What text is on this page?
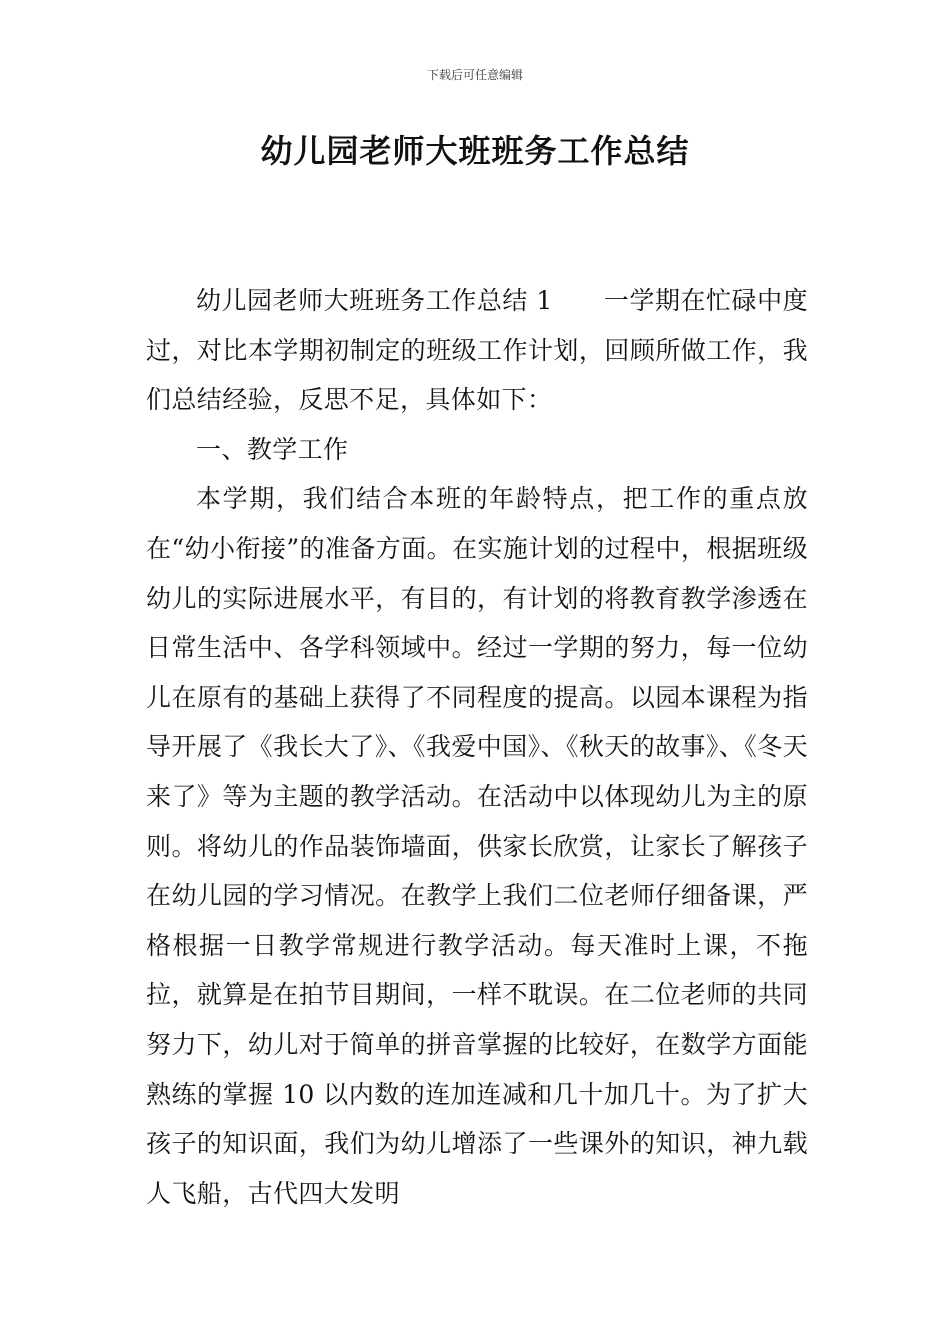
下载后可任意编辑
幼儿园老师大班班务工作总结

幼儿园老师大班班务工作总结 1　　一学期在忙碌中度过，对比本学期初制定的班级工作计划，回顾所做工作，我们总结经验，反思不足，具体如下：

一、教学工作

本学期，我们结合本班的年龄特点，把工作的重点放在“幼小衔接”的准备方面。在实施计划的过程中，根据班级幼儿的实际进展水平，有目的，有计划的将教育教学渗透在日常生活中、各学科领域中。经过一学期的努力，每一位幼儿在原有的基础上获得了不同程度的提高。以园本课程为指导开展了《我长大了》、《我爱中国》、《秋天的故事》、《冬天来了》等为主题的教学活动。在活动中以体现幼儿为主的原则。将幼儿的作品装饰墙面，供家长欣赏，让家长了解孩子在幼儿园的学习情况。在教学上我们二位老师仔细备课，严格根据一日教学常规进行教学活动。每天准时上课，不拖拉，就算是在拍节目期间，一样不耽误。在二位老师的共同努力下，幼儿对于简单的拼音掌握的比较好，在数学方面能熟练的掌握 10 以内数的连加连减和几十加几十。为了扩大孩子的知识面，我们为幼儿增添了一些课外的知识，神九载人飞船，古代四大发明
